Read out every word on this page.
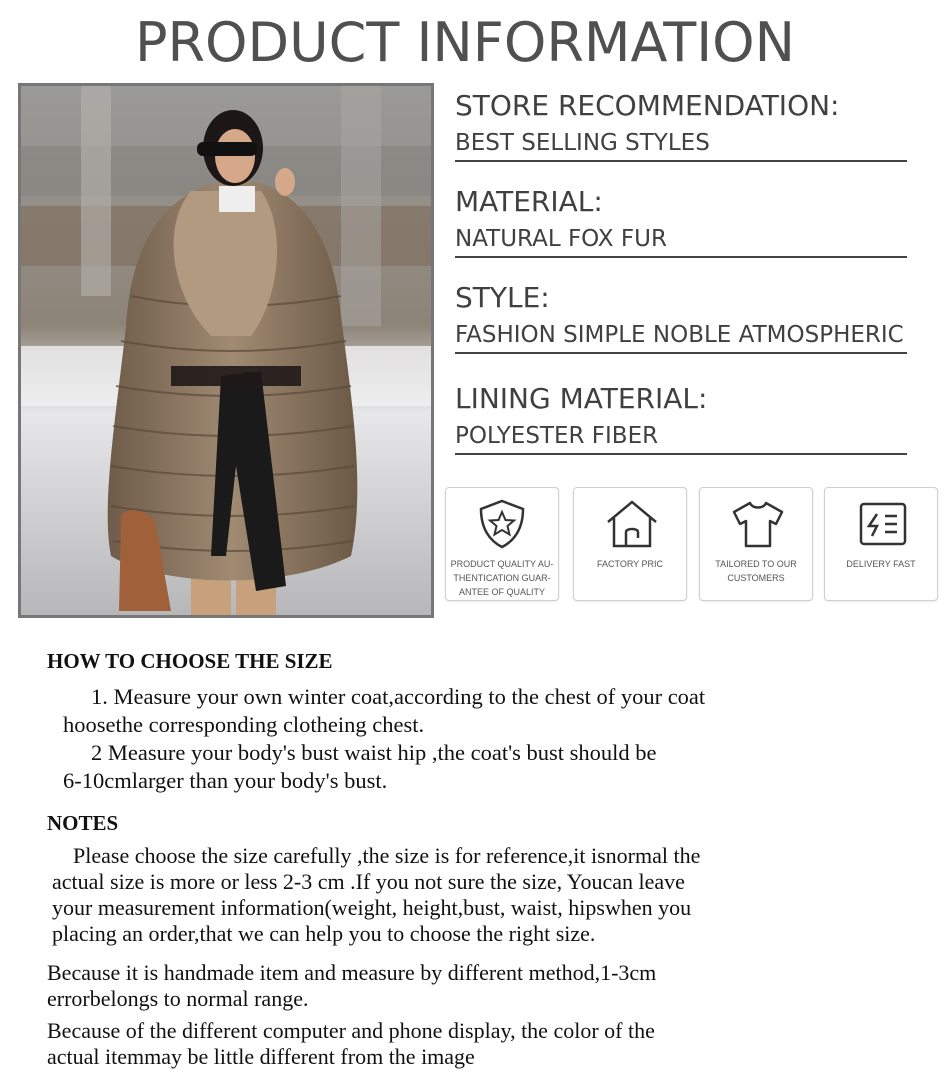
PRODUCT INFORMATION
STORE RECOMMENDATION:
BEST SELLING STYLES
MATERIAL:
NATURAL FOX FUR
STYLE:
FASHION SIMPLE NOBLE ATMOSPHERIC
LINING MATERIAL:
POLYESTER FIBER
PRODUCT QUALITY AU-
THENTICATION GUAR-
ANTEE OF QUALITY
FACTORY PRIC	TAILORED TO OUR
CUSTOMERS
DELIVERY FAST
HOW TO CHOOSE THE SIZE
1. Measure your own winter coat,according to the chest of your coat
hoosethe corresponding clotheing chest.
2 Measure your body's bust waist hip ,the coat's bust should be
6-10cmlarger than your body's bust.
NOTES
Please choose the size carefully ,the size is for reference,it isnormal the
actual size is more or less 2-3 cm .If you not sure the size, Youcan leave
your measurement information(weight, height,bust, waist, hipswhen you
placing an order,that we can help you to choose the right size.
Because it is handmade item and measure by different method,1-3cm
errorbelongs to normal range.
Because of the different computer and phone display, the color of the
actual itemmay be little different from the image
